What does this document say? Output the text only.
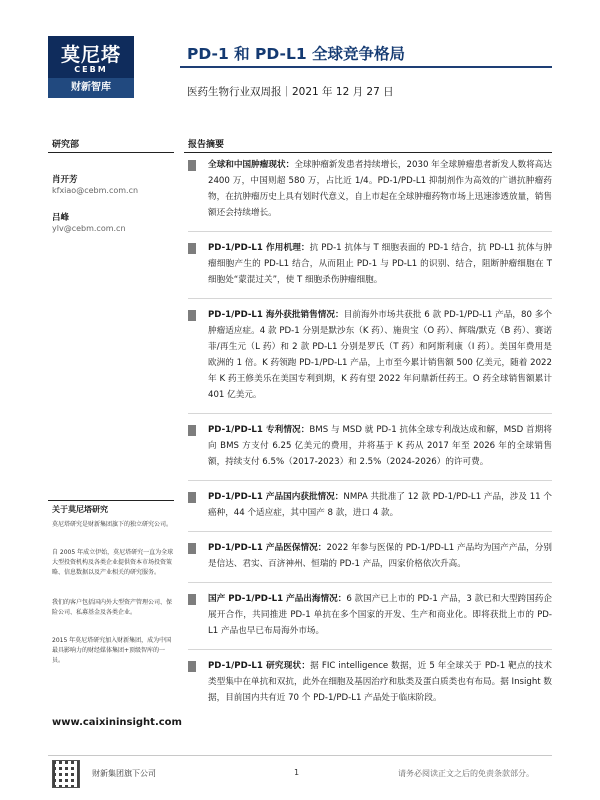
莫尼塔
CEBM
财新智库
PD-1 和 PD-L1 全球竞争格局
医药生物行业双周报｜2021 年 12 月 27 日
研究部
肖开芳
kfxiao@cebm.com.cn
吕峰
ylv@cebm.com.cn
关于莫尼塔研究
莫尼塔研究是财新集团旗下的独立研究公司。
自 2005 年成立伊始，莫尼塔研究一直为全球大型投资机构及各类企业提供资本市场投资策略、信息数据以及产业相关的研究服务。
我们的客户包括国内外大型资产管理公司、保险公司、私募基金及各类企业。
2015 年莫尼塔研究加入财新集团，成为中国最具影响力的财经媒体集团+顶级智库的一员。
www.caixininsight.com
报告摘要
全球和中国肿瘤现状：全球肿瘤新发患者持续增长，2030 年全球肿瘤患者新发人数将高达 2400 万，中国则超 580 万，占比近 1/4。PD-1/PD-L1 抑制剂作为高效的广谱抗肿瘤药物，在抗肿瘤历史上具有划时代意义，自上市起在全球肿瘤药物市场上迅速渗透放量，销售额还会持续增长。
PD-1/PD-L1 作用机理：抗 PD-1 抗体与 T 细胞表面的 PD-1 结合，抗 PD-L1 抗体与肿瘤细胞产生的 PD-L1 结合，从而阻止 PD-1 与 PD-L1 的识别、结合，阻断肿瘤细胞在 T 细胞处“蒙混过关”，使 T 细胞杀伤肿瘤细胞。
PD-1/PD-L1 海外获批销售情况：目前海外市场共获批 6 款 PD-1/PD-L1 产品，80 多个肿瘤适应症。4 款 PD-1 分别是默沙东（K 药）、施贵宝（O 药）、辉瑞/默克（B 药）、赛诺菲/再生元（L 药）和 2 款 PD-L1 分别是罗氏（T 药）和阿斯利康（I 药）。美国年费用是欧洲的 1 倍。K 药领跑 PD-1/PD-L1 产品，上市至今累计销售额 500 亿美元，随着 2022 年 K 药王修美乐在美国专利到期，K 药有望 2022 年问鼎新任药王。O 药全球销售额累计 401 亿美元。
PD-1/PD-L1 专利情况：BMS 与 MSD 就 PD-1 抗体全球专利战达成和解，MSD 首期将向 BMS 方支付 6.25 亿美元的费用，并将基于 K 药从 2017 年至 2026 年的全球销售额，持续支付 6.5%（2017-2023）和 2.5%（2024-2026）的许可费。
PD-1/PD-L1 产品国内获批情况：NMPA 共批准了 12 款 PD-1/PD-L1 产品，涉及 11 个癌种，44 个适应症，其中国产 8 款，进口 4 款。
PD-1/PD-L1 产品医保情况：2022 年参与医保的 PD-1/PD-L1 产品均为国产产品，分别是信达、君实、百济神州、恒瑞的 PD-1 产品，四家价格依次升高。
国产 PD-1/PD-L1 产品出海情况：6 款国产已上市的 PD-1 产品，3 款已和大型跨国药企展开合作，共同推进 PD-1 单抗在多个国家的开发、生产和商业化。即将获批上市的 PD-L1 产品也早已布局海外市场。
PD-1/PD-L1 研究现状：据 FIC intelligence 数据，近 5 年全球关于 PD-1 靶点的技术类型集中在单抗和双抗，此外在细胞及基因治疗和肽类及蛋白质类也有布局。据 Insight 数据，目前国内共有近 70 个 PD-1/PD-L1 产品处于临床阶段。
财新集团旗下公司	1	请务必阅读正文之后的免责条款部分。
